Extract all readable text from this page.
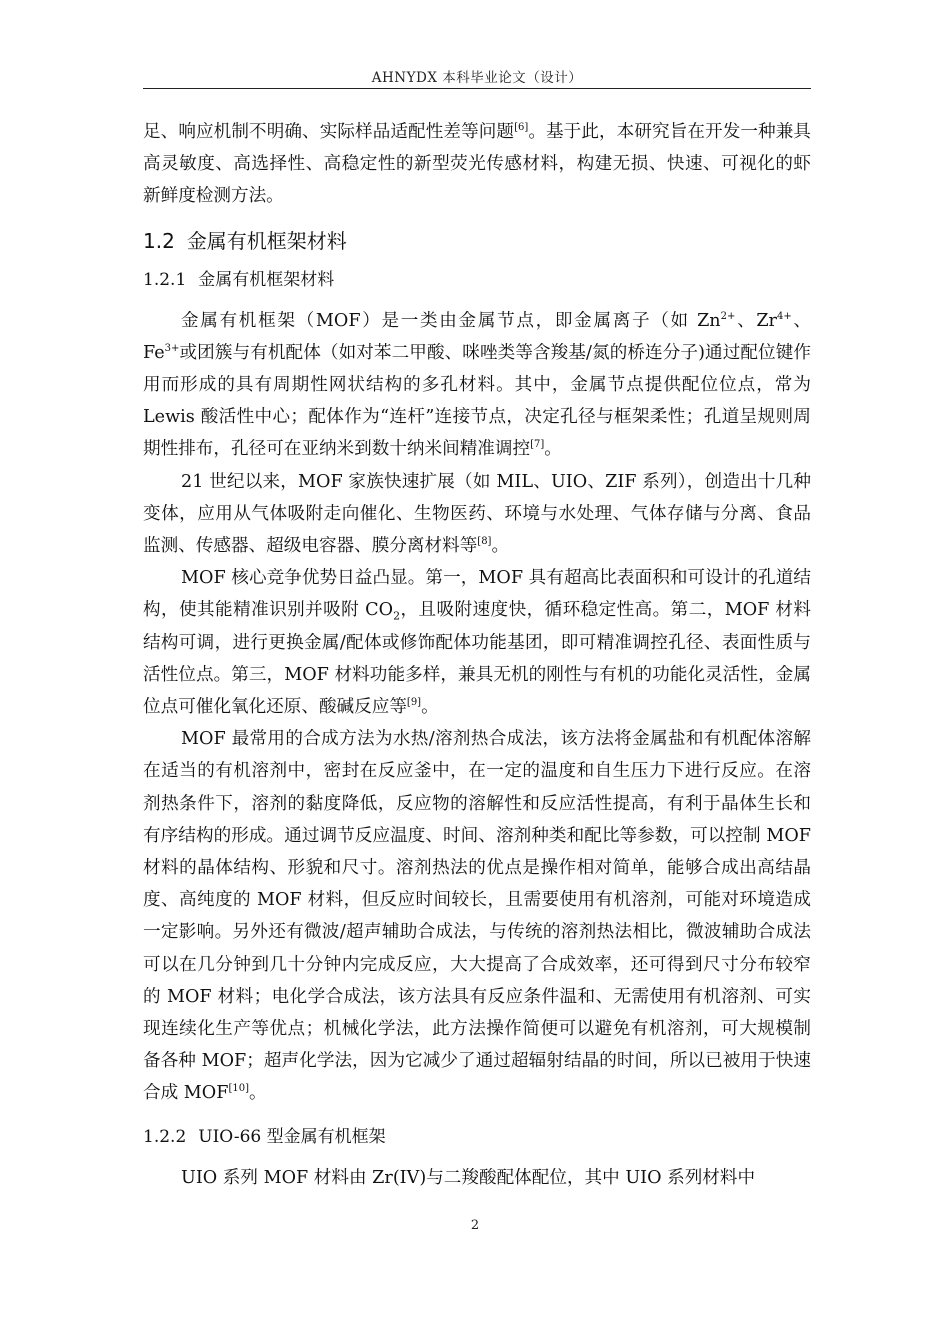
AHNYDX 本科毕业论文（设计）

足、响应机制不明确、实际样品适配性差等问题[6]。基于此，本研究旨在开发一种兼具高灵敏度、高选择性、高稳定性的新型荧光传感材料，构建无损、快速、可视化的虾新鲜度检测方法。

1.2 金属有机框架材料
1.2.1 金属有机框架材料

金属有机框架（MOF）是一类由金属节点，即金属离子（如 $Zn^{2+}$、$Zr^{4+}$、$Fe^{3+}$或团簇与有机配体（如对苯二甲酸、咪唑类等含羧基/氮的桥连分子)通过配位键作用而形成的具有周期性网状结构的多孔材料。其中，金属节点提供配位位点，常为 Lewis 酸活性中心；配体作为“连杆”连接节点，决定孔径与框架柔性；孔道呈规则周期性排布，孔径可在亚纳米到数十纳米间精准调控[7]。

21 世纪以来，MOF 家族快速扩展（如 MIL、UIO、ZIF 系列），创造出十几种变体，应用从气体吸附走向催化、生物医药、环境与水处理、气体存储与分离、食品监测、传感器、超级电容器、膜分离材料等[8]。

MOF 核心竞争优势日益凸显。第一，MOF 具有超高比表面积和可设计的孔道结构，使其能精准识别并吸附 $CO_2$，且吸附速度快，循环稳定性高。第二，MOF 材料结构可调，进行更换金属/配体或修饰配体功能基团，即可精准调控孔径、表面性质与活性位点。第三，MOF 材料功能多样，兼具无机的刚性与有机的功能化灵活性，金属位点可催化氧化还原、酸碱反应等[9]。

MOF 最常用的合成方法为水热/溶剂热合成法，该方法将金属盐和有机配体溶解在适当的有机溶剂中，密封在反应釜中，在一定的温度和自生压力下进行反应。在溶剂热条件下，溶剂的黏度降低，反应物的溶解性和反应活性提高，有利于晶体生长和有序结构的形成。通过调节反应温度、时间、溶剂种类和配比等参数，可以控制 MOF 材料的晶体结构、形貌和尺寸。溶剂热法的优点是操作相对简单，能够合成出高结晶度、高纯度的 MOF 材料，但反应时间较长，且需要使用有机溶剂，可能对环境造成一定影响。另外还有微波/超声辅助合成法，与传统的溶剂热法相比，微波辅助合成法可以在几分钟到几十分钟内完成反应，大大提高了合成效率，还可得到尺寸分布较窄的 MOF 材料；电化学合成法，该方法具有反应条件温和、无需使用有机溶剂、可实现连续化生产等优点；机械化学法，此方法操作简便可以避免有机溶剂，可大规模制备各种 MOF；超声化学法，因为它减少了通过超辐射结晶的时间，所以已被用于快速合成 MOF[10]。

1.2.2 UIO-66 型金属有机框架

UIO 系列 MOF 材料由 Zr(IV)与二羧酸配体配位，其中 UIO 系列材料中

2
